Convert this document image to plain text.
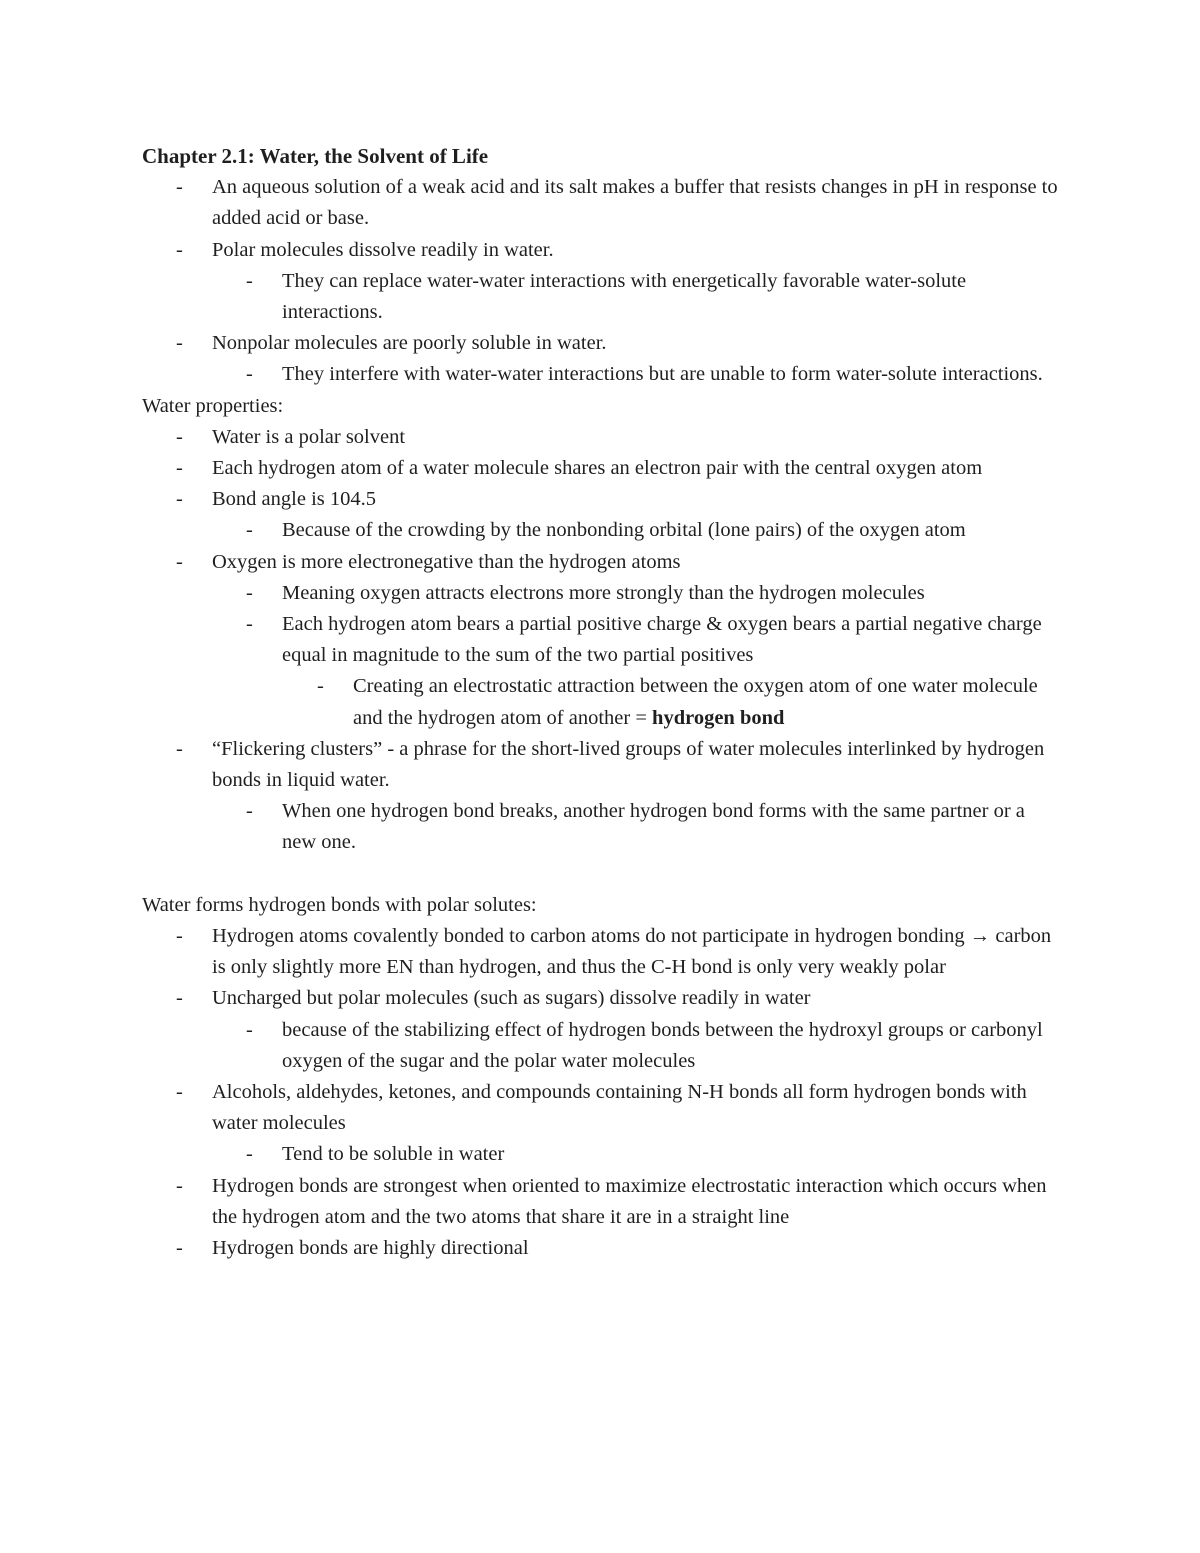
Chapter 2.1: Water, the Solvent of Life
- An aqueous solution of a weak acid and its salt makes a buffer that resists changes in pH in response to added acid or base.
- Polar molecules dissolve readily in water.
- They can replace water-water interactions with energetically favorable water-solute interactions.
- Nonpolar molecules are poorly soluble in water.
- They interfere with water-water interactions but are unable to form water-solute interactions.
Water properties:
- Water is a polar solvent
- Each hydrogen atom of a water molecule shares an electron pair with the central oxygen atom
- Bond angle is 104.5
- Because of the crowding by the nonbonding orbital (lone pairs) of the oxygen atom
- Oxygen is more electronegative than the hydrogen atoms
- Meaning oxygen attracts electrons more strongly than the hydrogen molecules
- Each hydrogen atom bears a partial positive charge & oxygen bears a partial negative charge equal in magnitude to the sum of the two partial positives
- Creating an electrostatic attraction between the oxygen atom of one water molecule and the hydrogen atom of another = hydrogen bond
- “Flickering clusters” - a phrase for the short-lived groups of water molecules interlinked by hydrogen bonds in liquid water.
- When one hydrogen bond breaks, another hydrogen bond forms with the same partner or a new one.
Water forms hydrogen bonds with polar solutes:
- Hydrogen atoms covalently bonded to carbon atoms do not participate in hydrogen bonding → carbon is only slightly more EN than hydrogen, and thus the C-H bond is only very weakly polar
- Uncharged but polar molecules (such as sugars) dissolve readily in water
- because of the stabilizing effect of hydrogen bonds between the hydroxyl groups or carbonyl oxygen of the sugar and the polar water molecules
- Alcohols, aldehydes, ketones, and compounds containing N-H bonds all form hydrogen bonds with water molecules
- Tend to be soluble in water
- Hydrogen bonds are strongest when oriented to maximize electrostatic interaction which occurs when the hydrogen atom and the two atoms that share it are in a straight line
- Hydrogen bonds are highly directional
